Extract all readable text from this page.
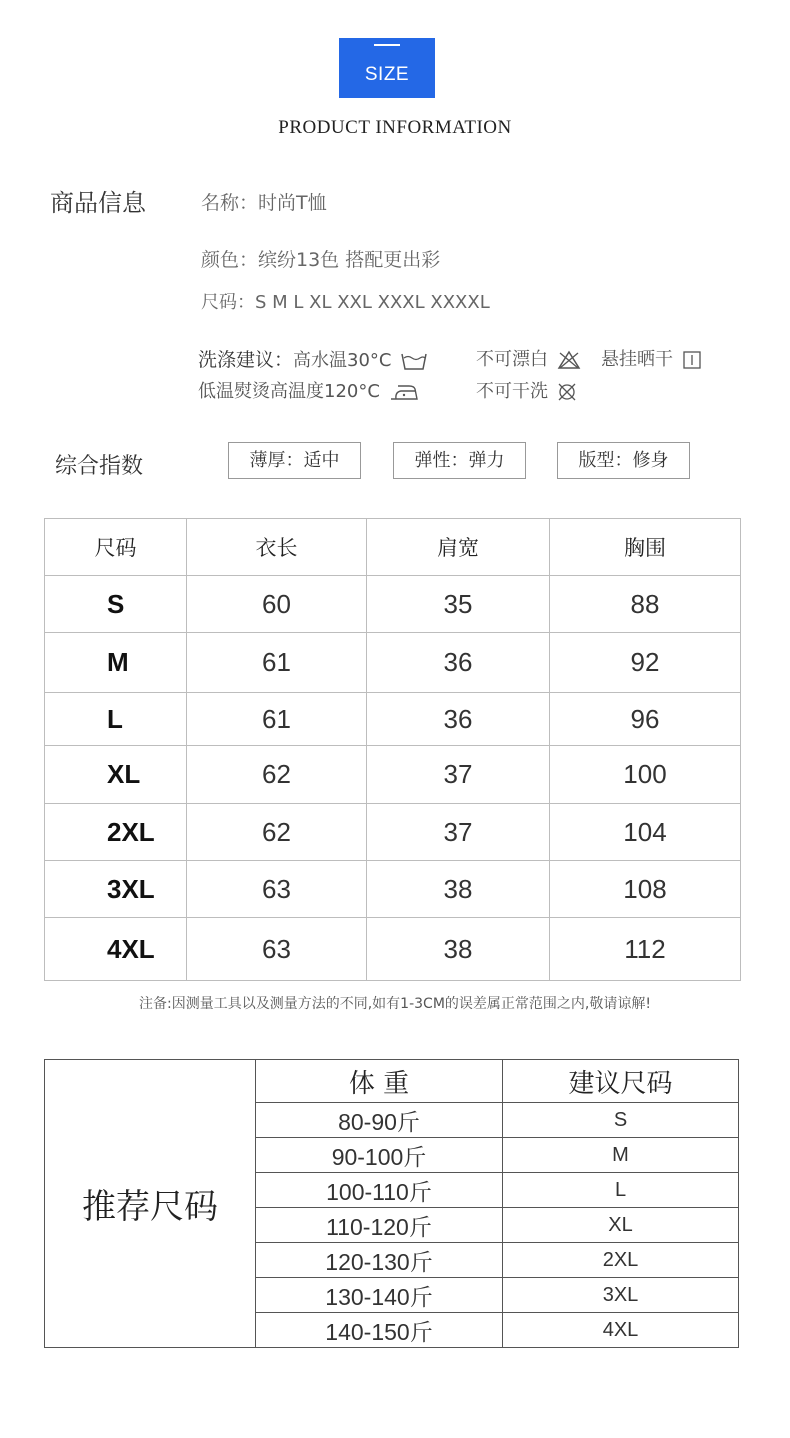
SIZE
PRODUCT INFORMATION
商品信息	名称：时尚T恤
颜色：缤纷13色 搭配更出彩
尺码：S M L XL XXL XXXL XXXXL
洗涤建议：高水温30°C	不可漂白	悬挂晒干
低温熨烫高温度120°C	不可干洗
综合指数	薄厚：适中	弹性：弹力	版型：修身
尺码	衣长	肩宽	胸围
S	60	35	88
M	61	36	92
L	61	36	96
XL	62	37	100
2XL	62	37	104
3XL	63	38	108
4XL	63	38	112
注备:因测量工具以及测量方法的不同,如有1-3CM的误差属正常范围之内,敬请谅解!
推荐尺码	体 重	建议尺码
	80-90斤	S
	90-100斤	M
	100-110斤	L
	110-120斤	XL
	120-130斤	2XL
	130-140斤	3XL
	140-150斤	4XL
